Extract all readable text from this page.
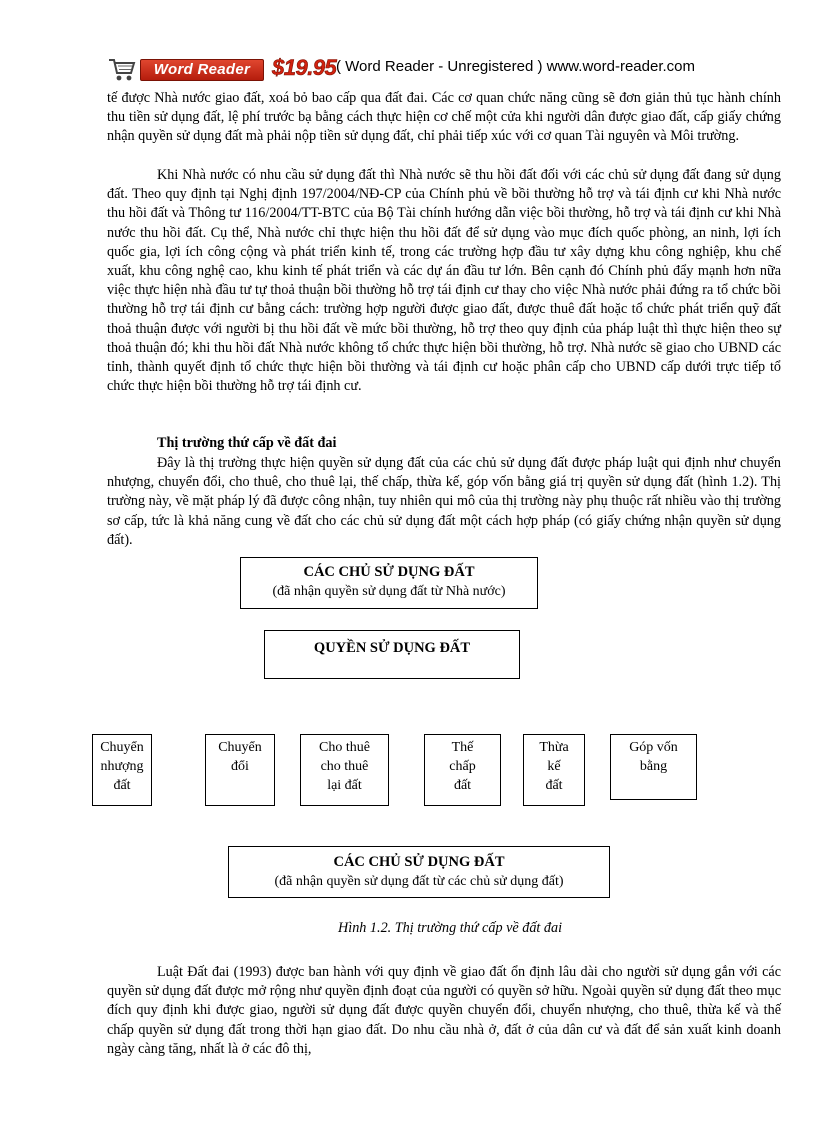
Word Reader $19.95 ( Word Reader - Unregistered ) www.word-reader.com

tế được Nhà nước giao đất, xoá bỏ bao cấp qua đất đai. Các cơ quan chức năng cũng sẽ đơn giản thủ tục hành chính thu tiền sử dụng đất, lệ phí trước bạ bằng cách thực hiện cơ chế một cửa khi người dân được giao đất, cấp giấy chứng nhận quyền sử dụng đất mà phải nộp tiền sử dụng đất, chỉ phải tiếp xúc với cơ quan Tài nguyên và Môi trường.

Khi Nhà nước có nhu cầu sử dụng đất thì Nhà nước sẽ thu hồi đất đối với các chủ sử dụng đất đang sử dụng đất. Theo quy định tại Nghị định 197/2004/NĐ-CP của Chính phủ về bồi thường hỗ trợ và tái định cư khi Nhà nước thu hồi đất và Thông tư 116/2004/TT-BTC của Bộ Tài chính hướng dẫn việc bồi thường, hỗ trợ và tái định cư khi Nhà nước thu hồi đất. Cụ thể, Nhà nước chỉ thực hiện thu hồi đất để sử dụng vào mục đích quốc phòng, an ninh, lợi ích quốc gia, lợi ích công cộng và phát triển kinh tế, trong các trường hợp đầu tư xây dựng khu công nghiệp, khu chế xuất, khu công nghệ cao, khu kinh tế phát triển và các dự án đầu tư lớn. Bên cạnh đó Chính phủ đẩy mạnh hơn nữa việc thực hiện nhà đầu tư tự thoả thuận bồi thường hỗ trợ tái định cư thay cho việc Nhà nước phải đứng ra tổ chức bồi thường hỗ trợ tái định cư bằng cách: trường hợp người được giao đất, được thuê đất hoặc tổ chức phát triển quỹ đất thoả thuận được với người bị thu hồi đất về mức bồi thường, hỗ trợ theo quy định của pháp luật thì thực hiện theo sự thoả thuận đó; khi thu hồi đất Nhà nước không tổ chức thực hiện bồi thường, hỗ trợ. Nhà nước sẽ giao cho UBND các tỉnh, thành quyết định tổ chức thực hiện bồi thường và tái định cư hoặc phân cấp cho UBND cấp dưới trực tiếp tổ chức thực hiện bồi thường hỗ trợ tái định cư.

Thị trường thứ cấp về đất đai

Đây là thị trường thực hiện quyền sử dụng đất của các chủ sử dụng đất được pháp luật qui định như chuyển nhượng, chuyển đổi, cho thuê, cho thuê lại, thế chấp, thừa kế, góp vốn bằng giá trị quyền sử dụng đất (hình 1.2). Thị trường này, về mặt pháp lý đã được công nhận, tuy nhiên qui mô của thị trường này phụ thuộc rất nhiều vào thị trường sơ cấp, tức là khả năng cung về đất cho các chủ sử dụng đất một cách hợp pháp (có giấy chứng nhận quyền sử dụng đất).

CÁC CHỦ SỬ DỤNG ĐẤT
(đã nhận quyền sử dụng đất từ Nhà nước)
QUYỀN SỬ DỤNG ĐẤT
Chuyển
nhượng
đất
Chuyển
đổi
Cho thuê
cho thuê
lại đất
Thế
chấp
đất
Thừa
kế
đất
Góp vốn
bằng
CÁC CHỦ SỬ DỤNG ĐẤT
(đã nhận quyền sử dụng đất từ các chủ sử dụng đất)
Hình 1.2. Thị trường thứ cấp về đất đai

Luật Đất đai (1993) được ban hành với quy định về giao đất ổn định lâu dài cho người sử dụng gắn với các quyền sử dụng đất được mở rộng như quyền định đoạt của người có quyền sở hữu. Ngoài quyền sử dụng đất theo mục đích quy định khi được giao, người sử dụng đất được quyền chuyển đổi, chuyển nhượng, cho thuê, thừa kế và thế chấp quyền sử dụng đất trong thời hạn giao đất. Do nhu cầu nhà ở, đất ở của dân cư và đất để sản xuất kinh doanh ngày càng tăng, nhất là ở các đô thị,
